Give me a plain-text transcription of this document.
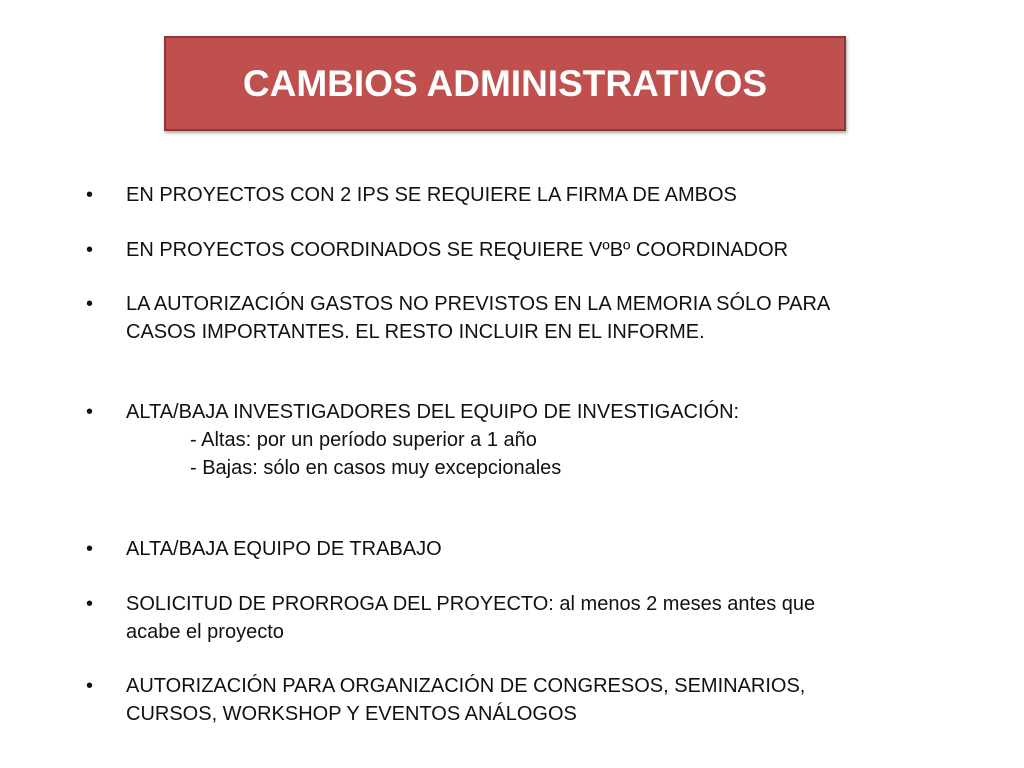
CAMBIOS ADMINISTRATIVOS
• EN PROYECTOS CON 2 IPS SE REQUIERE LA FIRMA DE AMBOS
• EN PROYECTOS COORDINADOS SE REQUIERE VºBº COORDINADOR
• LA AUTORIZACIÓN GASTOS NO PREVISTOS EN LA MEMORIA SÓLO PARA
CASOS IMPORTANTES. EL RESTO INCLUIR EN EL INFORME.
• ALTA/BAJA INVESTIGADORES DEL EQUIPO DE INVESTIGACIÓN:
- Altas: por un período superior a 1 año
- Bajas: sólo en casos muy excepcionales
• ALTA/BAJA EQUIPO DE TRABAJO
• SOLICITUD DE PRORROGA DEL PROYECTO: al menos 2 meses antes que
acabe el proyecto
• AUTORIZACIÓN PARA ORGANIZACIÓN DE CONGRESOS, SEMINARIOS,
CURSOS, WORKSHOP Y EVENTOS ANÁLOGOS
